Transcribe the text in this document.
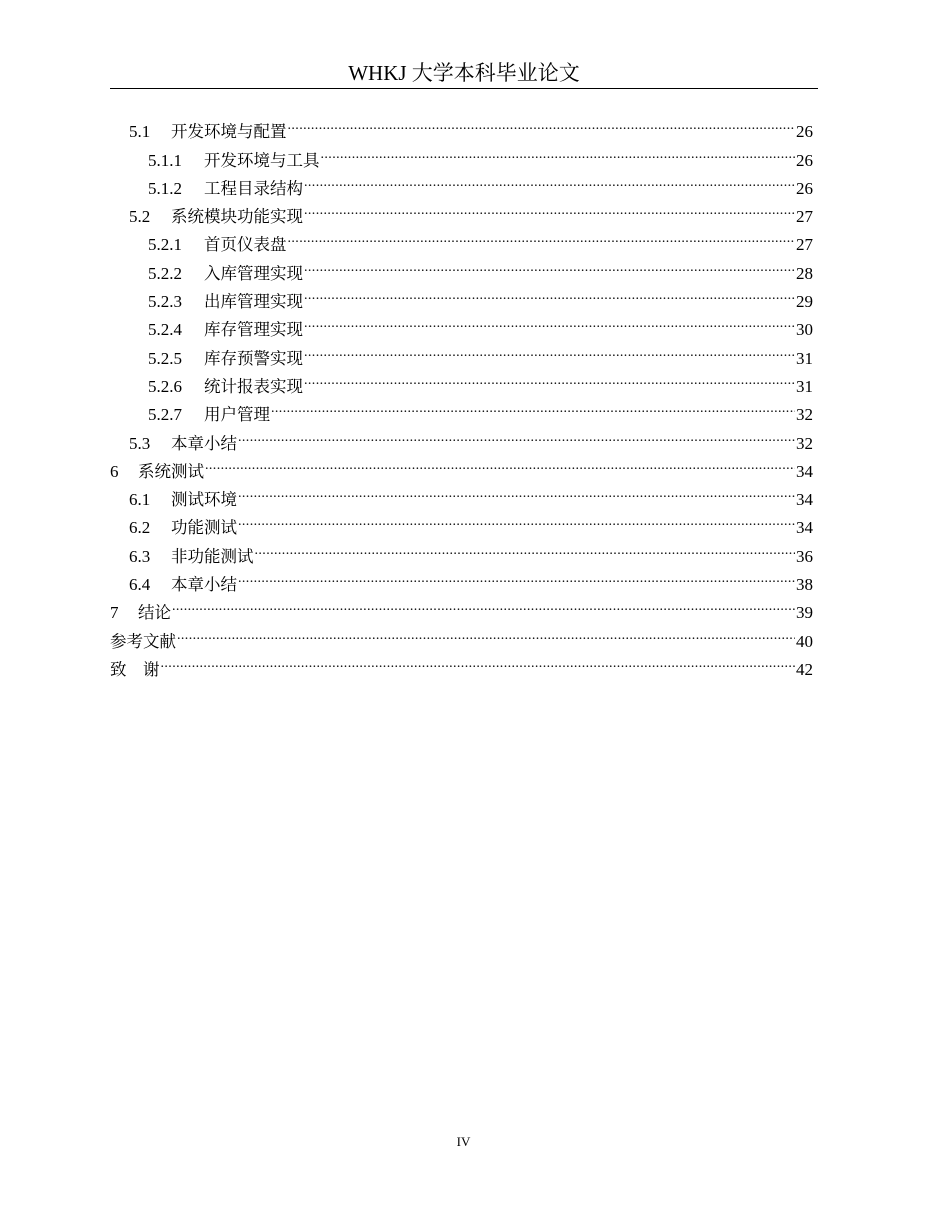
WHKJ 大学本科毕业论文
5.1	开发环境与配置 .....	26
5.1.1	开发环境与工具 .....	26
5.1.2	工程目录结构 .....	26
5.2	系统模块功能实现 .....	27
5.2.1	首页仪表盘 .....	27
5.2.2	入库管理实现 .....	28
5.2.3	出库管理实现 .....	29
5.2.4	库存管理实现 .....	30
5.2.5	库存预警实现 .....	31
5.2.6	统计报表实现 .....	31
5.2.7	用户管理 .....	32
5.3	本章小结 .....	32
6	系统测试 .....	34
6.1	测试环境 .....	34
6.2	功能测试 .....	34
6.3	非功能测试 .....	36
6.4	本章小结 .....	38
7	结论 .....	39
参考文献 .....	40
致　谢 .....	42
IV
